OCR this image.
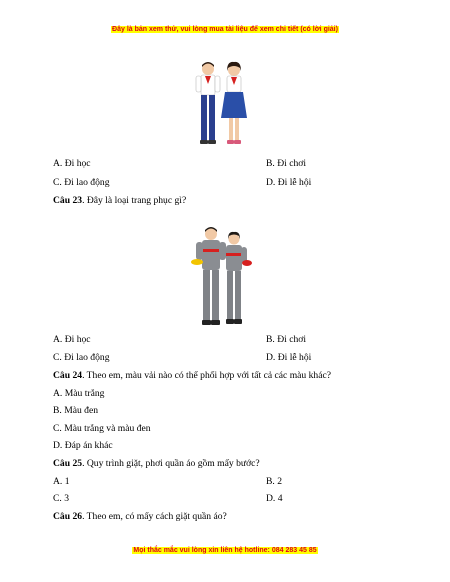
Đây là bản xem thử, vui lòng mua tài liệu để xem chi tiết (có lời giải)
A. Đi học	B. Đi chơi
C. Đi lao động	D. Đi lễ hội
Câu 23. Đây là loại trang phục gì?
A. Đi học	B. Đi chơi
C. Đi lao động	D. Đi lễ hội
Câu 24. Theo em, màu vải nào có thể phối hợp với tất cả các màu khác?
A. Màu trắng
B. Màu đen
C. Màu trắng và màu đen
D. Đáp án khác
Câu 25. Quy trình giặt, phơi quần áo gồm mấy bước?
A. 1	B. 2
C. 3	D. 4
Câu 26. Theo em, có mấy cách giặt quần áo?
Mọi thắc mắc vui lòng xin liên hệ hotline: 084 283 45 85
